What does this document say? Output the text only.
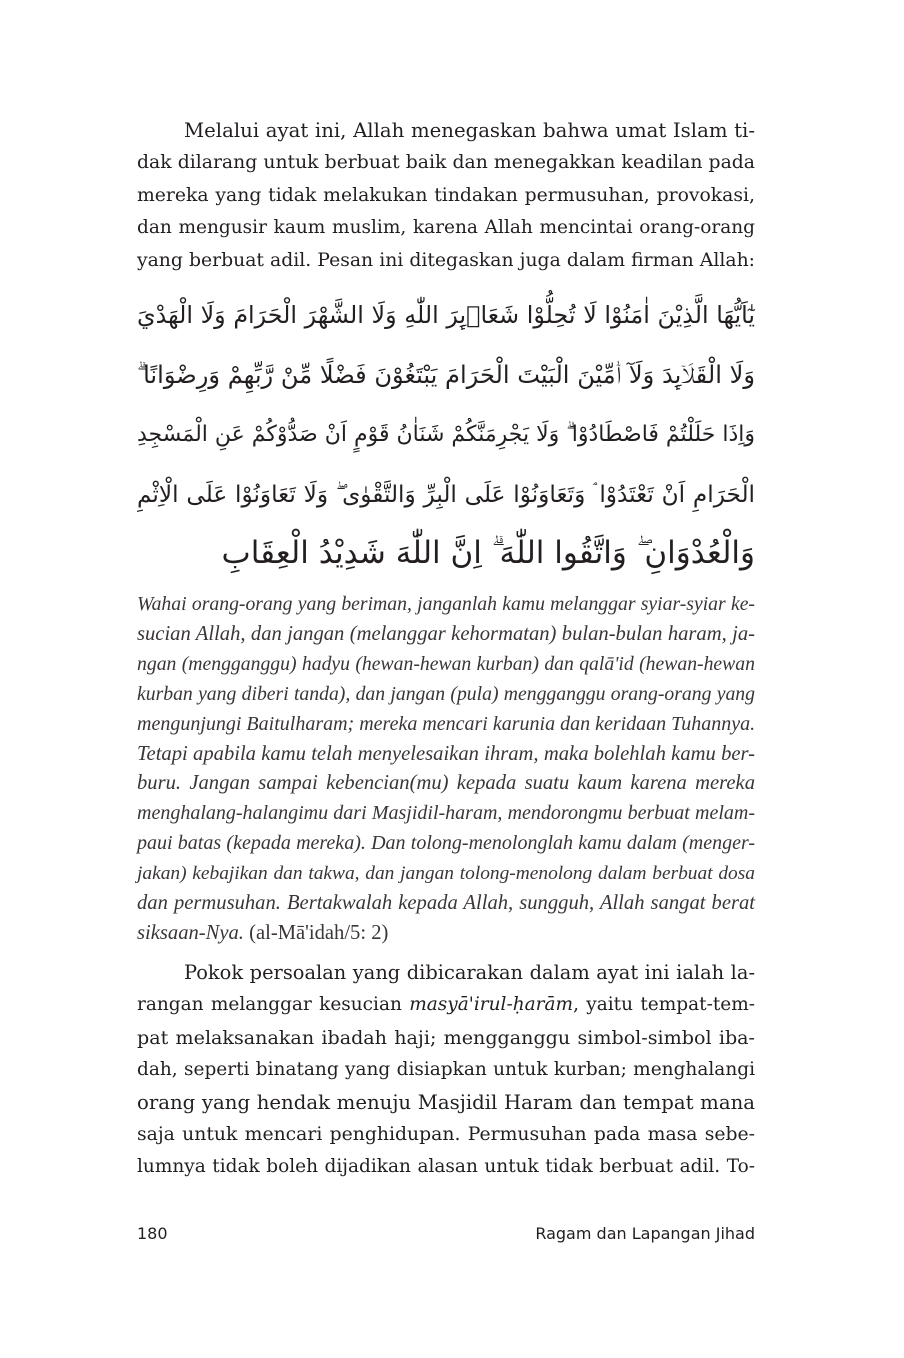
Melalui ayat ini, Allah menegaskan bahwa umat Islam ti-
dak dilarang untuk berbuat baik dan menegakkan keadilan pada
mereka yang tidak melakukan tindakan permusuhan, provokasi,
dan mengusir kaum muslim, karena Allah mencintai orang-orang
yang berbuat adil. Pesan ini ditegaskan juga dalam firman Allah:
يٰٓاَيُّهَا الَّذِيْنَ اٰمَنُوْا لَا تُحِلُّوْا شَعَاۤىِٕرَ اللّٰهِ وَلَا الشَّهْرَ الْحَرَامَ وَلَا الْهَدْيَ
وَلَا الْقَلَاۤىِٕدَ وَلَآ اٰۤمِّيْنَ الْبَيْتَ الْحَرَامَ يَبْتَغُوْنَ فَضْلًا مِّنْ رَّبِّهِمْ وَرِضْوَانًا ۗ
وَاِذَا حَلَلْتُمْ فَاصْطَادُوْا ۗ وَلَا يَجْرِمَنَّكُمْ شَنَاٰنُ قَوْمٍ اَنْ صَدُّوْكُمْ عَنِ الْمَسْجِدِ
الْحَرَامِ اَنْ تَعْتَدُوْا ۘ وَتَعَاوَنُوْا عَلَى الْبِرِّ وَالتَّقْوٰى ۖ وَلَا تَعَاوَنُوْا عَلَى الْاِثْمِ
وَالْعُدْوَانِ ۖ وَاتَّقُوا اللّٰهَ ۗ اِنَّ اللّٰهَ شَدِيْدُ الْعِقَابِ
Wahai orang-orang yang beriman, janganlah kamu melanggar syiar-syiar ke-
sucian Allah, dan jangan (melanggar kehormatan) bulan-bulan haram, ja-
ngan (mengganggu) hadyu (hewan-hewan kurban) dan qalā'id (hewan-hewan
kurban yang diberi tanda), dan jangan (pula) mengganggu orang-orang yang
mengunjungi Baitulharam; mereka mencari karunia dan keridaan Tuhannya.
Tetapi apabila kamu telah menyelesaikan ihram, maka bolehlah kamu ber-
buru. Jangan sampai kebencian(mu) kepada suatu kaum karena mereka
menghalang-halangimu dari Masjidil-haram, mendorongmu berbuat melam-
paui batas (kepada mereka). Dan tolong-menolonglah kamu dalam (menger-
jakan) kebajikan dan takwa, dan jangan tolong-menolong dalam berbuat dosa
dan permusuhan. Bertakwalah kepada Allah, sungguh, Allah sangat berat
siksaan-Nya. (al-Mā'idah/5: 2)
Pokok persoalan yang dibicarakan dalam ayat ini ialah la-
rangan melanggar kesucian masyā'irul-ḥarām, yaitu tempat-tem-
pat melaksanakan ibadah haji; mengganggu simbol-simbol iba-
dah, seperti binatang yang disiapkan untuk kurban; menghalangi
orang yang hendak menuju Masjidil Haram dan tempat mana
saja untuk mencari penghidupan. Permusuhan pada masa sebe-
lumnya tidak boleh dijadikan alasan untuk tidak berbuat adil. To-
180	Ragam dan Lapangan Jihad
